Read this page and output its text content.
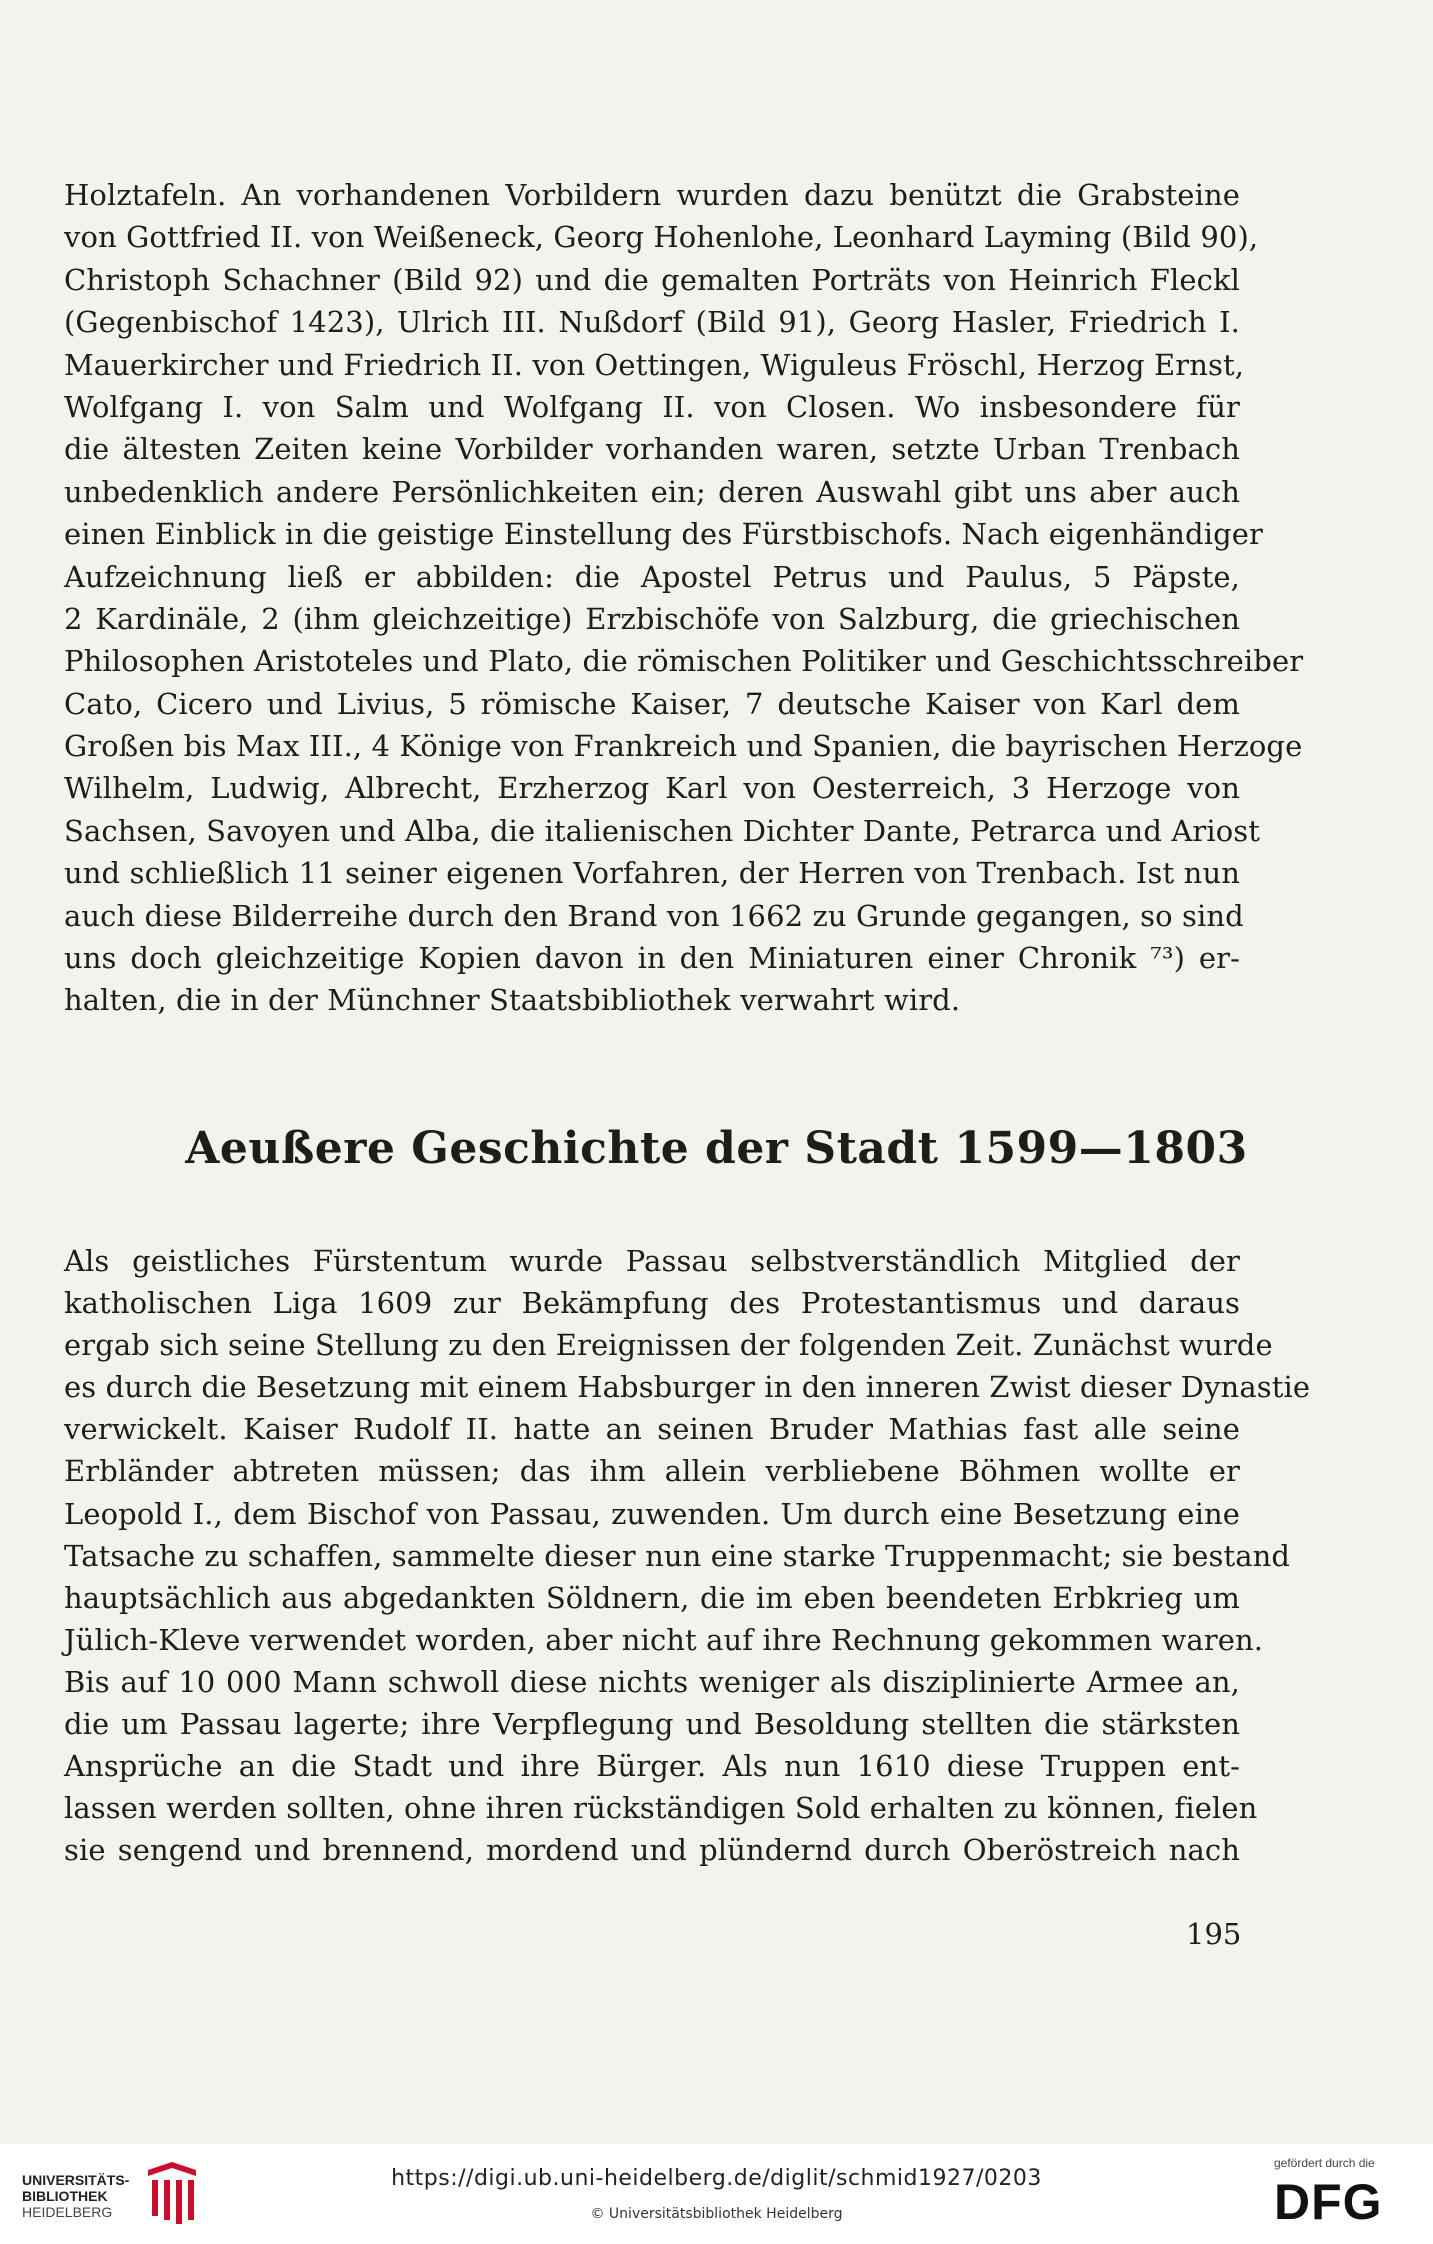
Holztafeln. An vorhandenen Vorbildern wurden dazu benützt die Grabsteine
von Gottfried II. von Weißeneck, Georg Hohenlohe, Leonhard Layming (Bild 90),
Christoph Schachner (Bild 92) und die gemalten Porträts von Heinrich Fleckl
(Gegenbischof 1423), Ulrich III. Nußdorf (Bild 91), Georg Hasler, Friedrich I.
Mauerkircher und Friedrich II. von Oettingen, Wiguleus Fröschl, Herzog Ernst,
Wolfgang I. von Salm und Wolfgang II. von Closen. Wo insbesondere für
die ältesten Zeiten keine Vorbilder vorhanden waren, setzte Urban Trenbach
unbedenklich andere Persönlichkeiten ein; deren Auswahl gibt uns aber auch
einen Einblick in die geistige Einstellung des Fürstbischofs. Nach eigenhändiger
Aufzeichnung ließ er abbilden: die Apostel Petrus und Paulus, 5 Päpste,
2 Kardinäle, 2 (ihm gleichzeitige) Erzbischöfe von Salzburg, die griechischen
Philosophen Aristoteles und Plato, die römischen Politiker und Geschichtsschreiber
Cato, Cicero und Livius, 5 römische Kaiser, 7 deutsche Kaiser von Karl dem
Großen bis Max III., 4 Könige von Frankreich und Spanien, die bayrischen Herzoge
Wilhelm, Ludwig, Albrecht, Erzherzog Karl von Oesterreich, 3 Herzoge von
Sachsen, Savoyen und Alba, die italienischen Dichter Dante, Petrarca und Ariost
und schließlich 11 seiner eigenen Vorfahren, der Herren von Trenbach. Ist nun
auch diese Bilderreihe durch den Brand von 1662 zu Grunde gegangen, so sind
uns doch gleichzeitige Kopien davon in den Miniaturen einer Chronik ⁷³) er-
halten, die in der Münchner Staatsbibliothek verwahrt wird.
Aeußere Geschichte der Stadt 1599—1803
Als geistliches Fürstentum wurde Passau selbstverständlich Mitglied der
katholischen Liga 1609 zur Bekämpfung des Protestantismus und daraus
ergab sich seine Stellung zu den Ereignissen der folgenden Zeit. Zunächst wurde
es durch die Besetzung mit einem Habsburger in den inneren Zwist dieser Dynastie
verwickelt. Kaiser Rudolf II. hatte an seinen Bruder Mathias fast alle seine
Erbländer abtreten müssen; das ihm allein verbliebene Böhmen wollte er
Leopold I., dem Bischof von Passau, zuwenden. Um durch eine Besetzung eine
Tatsache zu schaffen, sammelte dieser nun eine starke Truppenmacht; sie bestand
hauptsächlich aus abgedankten Söldnern, die im eben beendeten Erbkrieg um
Jülich-Kleve verwendet worden, aber nicht auf ihre Rechnung gekommen waren.
Bis auf 10 000 Mann schwoll diese nichts weniger als disziplinierte Armee an,
die um Passau lagerte; ihre Verpflegung und Besoldung stellten die stärksten
Ansprüche an die Stadt und ihre Bürger. Als nun 1610 diese Truppen ent-
lassen werden sollten, ohne ihren rückständigen Sold erhalten zu können, fielen
sie sengend und brennend, mordend und plündernd durch Oberöstreich nach
195
UNIVERSITÄTS-
BIBLIOTHEK
HEIDELBERG
https://digi.ub.uni-heidelberg.de/diglit/schmid1927/0203
© Universitätsbibliothek Heidelberg
gefördert durch die
DFG
